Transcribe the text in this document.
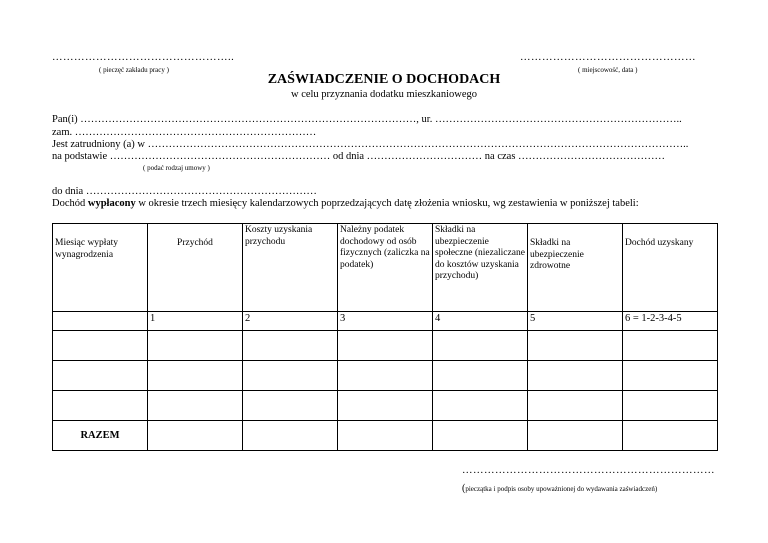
…………………………………………..
( pieczęć zakładu pracy )
…………………………………………
( miejscowość, data )
ZAŚWIADCZENIE O DOCHODACH
w celu przyznania dodatku mieszkaniowego
Pan(i) ……………………………………………………………………………………, ur. ……………………………………………………………..
zam. ……………………………………………………………
Jest zatrudniony (a) w ………………………………………………………………………………………………………………………………………..
na podstawie ……………………………………………………… od dnia …………………………… na czas ……………………………………
( podać rodzaj umowy )
do dnia …………………………………………………………
Dochód wypłacony w okresie trzech miesięcy kalendarzowych poprzedzających datę złożenia wniosku, wg zestawienia w poniższej tabeli:
Miesiąc wypłaty wynagrodzenia	Przychód	Koszty uzyskania przychodu	Należny podatek dochodowy od osób fizycznych (zaliczka na podatek)	Składki na ubezpieczenie społeczne (niezaliczane do kosztów uzyskania przychodu)	Składki na ubezpieczenie zdrowotne	Dochód uzyskany
	1	2	3	4	5	6 = 1-2-3-4-5

RAZEM						
……………………………………………………………
(pieczątka i podpis osoby upoważnionej do wydawania zaświadczeń)
